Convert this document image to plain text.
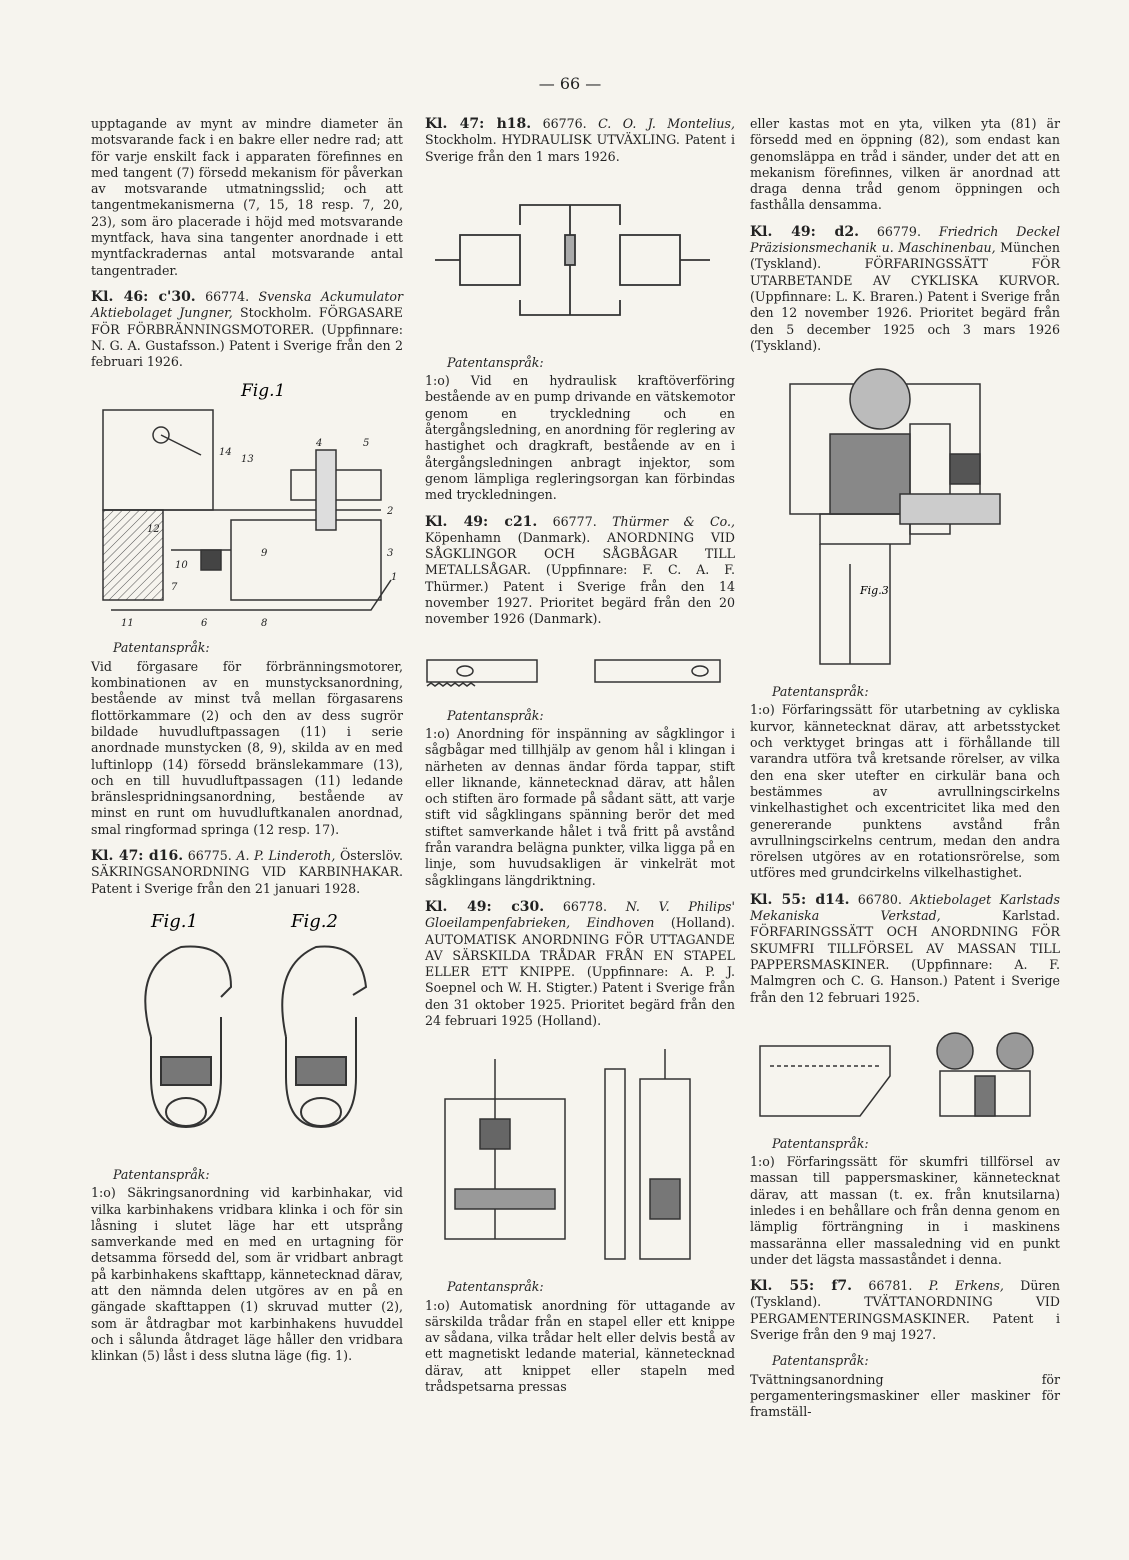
— 66 —

upptagande av mynt av mindre diameter än motsvarande fack i en bakre eller nedre rad; att för varje enskilt fack i apparaten förefinnes en med tangent (7) försedd mekanism för påverkan av motsvarande utmatningsslid; och att tangentmekanismerna (7, 15, 18 resp. 7, 20, 23), som äro placerade i höjd med motsvarande myntfack, hava sina tangenter anordnade i ett myntfackradernas antal motsvarande antal tangentrader.

Kl. 46: c'30. 66774. Svenska Ackumulator Aktiebolaget Jungner, Stockholm. FÖRGASARE FÖR FÖRBRÄNNINGSMOTORER. (Uppfinnare: N. G. A. Gustafsson.) Patent i Sverige från den 2 februari 1926.

Fig.1
4	5
14
13
2
12
3
10
9
1
7
11	6	8
Patentanspråk:

Vid förgasare för förbränningsmotorer, kombinationen av en munstycksanordning, bestående av minst två mellan förgasarens flottörkammare (2) och den av dess sugrör bildade huvudluftpassagen (11) i serie anordnade munstycken (8, 9), skilda av en med luftinlopp (14) försedd bränslekammare (13), och en till huvudluftpassagen (11) ledande bränslespridningsanordning, bestående av minst en runt om huvudluftkanalen anordnad, smal ringformad springa (12 resp. 17).

Kl. 47: d16. 66775. A. P. Linderoth, Österslöv. SÄKRINGSANORDNING VID KARBINHAKAR. Patent i Sverige från den 21 januari 1928.

Fig.1	Fig.2
Patentanspråk:

1:o) Säkringsanordning vid karbinhakar, vid vilka karbinhakens vridbara klinka i och för sin låsning i slutet läge har ett utsprång samverkande med en med en urtagning för detsamma försedd del, som är vridbart anbragt på karbinhakens skafttapp, kännetecknad därav, att den nämnda delen utgöres av en på en gängade skafttappen (1) skruvad mutter (2), som är åtdragbar mot karbinhakens huvuddel och i sålunda åtdraget läge håller den vridbara klinkan (5) låst i dess slutna läge (fig. 1).

Kl. 47: h18. 66776. C. O. J. Montelius, Stockholm. HYDRAULISK UTVÄXLING. Patent i Sverige från den 1 mars 1926.

Patentanspråk:

1:o) Vid en hydraulisk kraftöverföring bestående av en pump drivande en vätskemotor genom en tryckledning och en återgångsledning, en anordning för reglering av hastighet och dragkraft, bestående av en i återgångsledningen anbragt injektor, som genom lämpliga regleringsorgan kan förbindas med tryckledningen.

Kl. 49: c21. 66777. Thürmer & Co., Köpenhamn (Danmark). ANORDNING VID SÅGKLINGOR OCH SÅGBÅGAR TILL METALLSÅGAR. (Uppfinnare: F. C. A. F. Thürmer.) Patent i Sverige från den 14 november 1927. Prioritet begärd från den 20 november 1926 (Danmark).

Patentanspråk:

1:o) Anordning för inspänning av sågklingor i sågbågar med tillhjälp av genom hål i klingan i närheten av dennas ändar förda tappar, stift eller liknande, kännetecknad därav, att hålen och stiften äro formade på sådant sätt, att varje stift vid sågklingans spänning berör det med stiftet samverkande hålet i två fritt på avstånd från varandra belägna punkter, vilka ligga på en linje, som huvudsakligen är vinkelrät mot sågklingans längdriktning.

Kl. 49: c30. 66778. N. V. Philips' Gloeilampenfabrieken, Eindhoven (Holland). AUTOMATISK ANORDNING FÖR UTTAGANDE AV SÄRSKILDA TRÅDAR FRÅN EN STAPEL ELLER ETT KNIPPE. (Uppfinnare: A. P. J. Soepnel och W. H. Stigter.) Patent i Sverige från den 31 oktober 1925. Prioritet begärd från den 24 februari 1925 (Holland).

Patentanspråk:

1:o) Automatisk anordning för uttagande av särskilda trådar från en stapel eller ett knippe av sådana, vilka trådar helt eller delvis bestå av ett magnetiskt ledande material, kännetecknad därav, att knippet eller stapeln med trådspetsarna pressas

eller kastas mot en yta, vilken yta (81) är försedd med en öppning (82), som endast kan genomsläppa en tråd i sänder, under det att en mekanism förefinnes, vilken är anordnad att draga denna tråd genom öppningen och fasthålla densamma.

Kl. 49: d2. 66779. Friedrich Deckel Präzisionsmechanik u. Maschinenbau, München (Tyskland). FÖRFARINGSSÄTT FÖR UTARBETANDE AV CYKLISKA KURVOR. (Uppfinnare: L. K. Braren.) Patent i Sverige från den 12 november 1926. Prioritet begärd från den 5 december 1925 och 3 mars 1926 (Tyskland).

Fig.3
Patentanspråk:

1:o) Förfaringssätt för utarbetning av cykliska kurvor, kännetecknat därav, att arbetsstycket och verktyget bringas att i förhållande till varandra utföra två kretsande rörelser, av vilka den ena sker utefter en cirkulär bana och bestämmes av avrullningscirkelns vinkelhastighet och excentricitet lika med den genererande punktens avstånd från avrullningscirkelns centrum, medan den andra rörelsen utgöres av en rotationsrörelse, som utföres med grundcirkelns vilkelhastighet.

Kl. 55: d14. 66780. Aktiebolaget Karlstads Mekaniska Verkstad,	Karlstad. FÖRFARINGSSÄTT OCH ANORDNING FÖR SKUMFRI TILLFÖRSEL AV MASSAN TILL PAPPERSMASKINER. (Uppfinnare: A. F. Malmgren och C. G. Hanson.) Patent i Sverige från den 12 februari 1925.

Patentanspråk:

1:o) Förfaringssätt för skumfri tillförsel av massan till pappersmaskiner, kännetecknat därav, att massan (t. ex. från knutsilarna) inledes i en behållare och från denna genom en lämplig förträngning in i maskinens massaränna eller massaledning vid en punkt under det lägsta massaståndet i denna.

Kl. 55: f7. 66781. P. Erkens, Düren (Tyskland). TVÄTTANORDNING VID PERGAMENTERINGSMASKINER. Patent i Sverige från den 9 maj 1927.

Patentanspråk:

Tvättningsanordning för pergamenteringsmaskiner eller maskiner för framställ-
